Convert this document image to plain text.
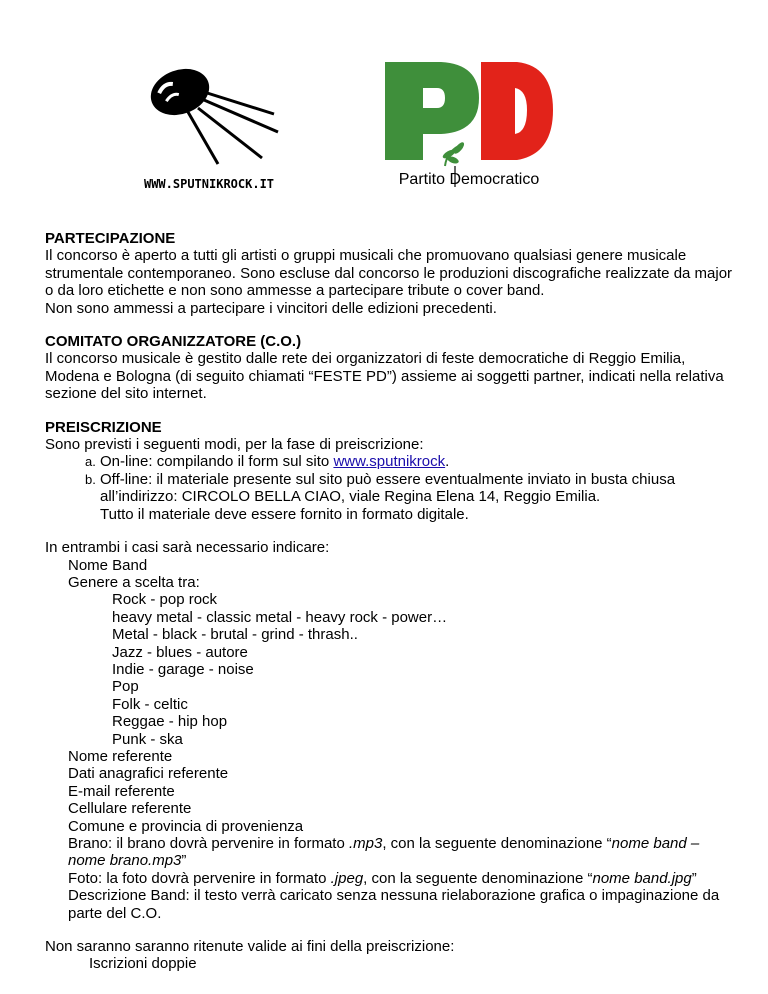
WWW.SPUTNIKROCK.IT	Partito Democratico
PARTECIPAZIONE

Il concorso è aperto a tutti gli artisti o gruppi musicali che promuovano qualsiasi genere musicale strumentale contemporaneo. Sono escluse dal concorso le produzioni discografiche realizzate da major o da loro etichette e non sono ammesse a partecipare tribute o cover band.

Non sono ammessi a partecipare i vincitori delle edizioni precedenti.

COMITATO ORGANIZZATORE (C.O.)

Il concorso musicale è gestito dalle rete dei organizzatori di feste democratiche di Reggio Emilia, Modena e Bologna (di seguito chiamati “FESTE PD”) assieme ai soggetti partner, indicati nella relativa sezione del sito internet.

PREISCRIZIONE

Sono previsti i seguenti modi, per la fase di preiscrizione:

a. On-line: compilando il form sul sito www.sputnikrock.
b. Off-line: il materiale presente sul sito può essere eventualmente inviato in busta chiusa all’indirizzo: CIRCOLO BELLA CIAO, viale Regina Elena 14, Reggio Emilia.

Tutto il materiale deve essere fornito in formato digitale.

In entrambi i casi sarà necessario indicare:

Nome Band

Genere a scelta tra:

Rock - pop rock

heavy metal - classic metal - heavy rock - power…

Metal - black - brutal - grind - thrash..

Jazz - blues - autore

Indie - garage - noise

Pop

Folk - celtic

Reggae - hip hop

Punk - ska

Nome referente

Dati anagrafici referente

E-mail referente

Cellulare referente

Comune e provincia di provenienza

Brano: il brano dovrà pervenire in formato .mp3, con la seguente denominazione “nome band – nome brano.mp3”

Foto: la foto dovrà pervenire in formato .jpeg, con la seguente denominazione “nome band.jpg”

Descrizione Band: il testo verrà caricato senza nessuna rielaborazione grafica o impaginazione da parte del C.O.

Non saranno saranno ritenute valide ai fini della preiscrizione:

Iscrizioni doppie
